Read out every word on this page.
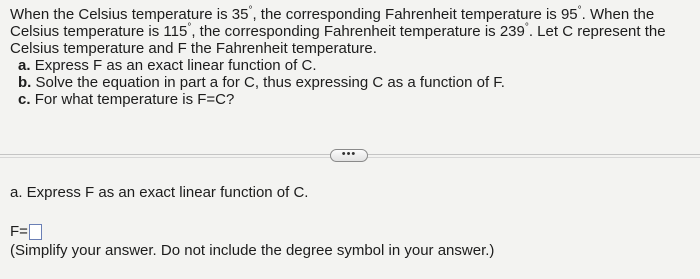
When the Celsius temperature is 35°, the corresponding Fahrenheit temperature is 95°. When the Celsius temperature is 115°, the corresponding Fahrenheit temperature is 239°. Let C represent the Celsius temperature and F the Fahrenheit temperature.

a. Express F as an exact linear function of C.
b. Solve the equation in part a for C, thus expressing C as a function of F.
c. For what temperature is F=C?
•••

a. Express F as an exact linear function of C.

F=
(Simplify your answer. Do not include the degree symbol in your answer.)
